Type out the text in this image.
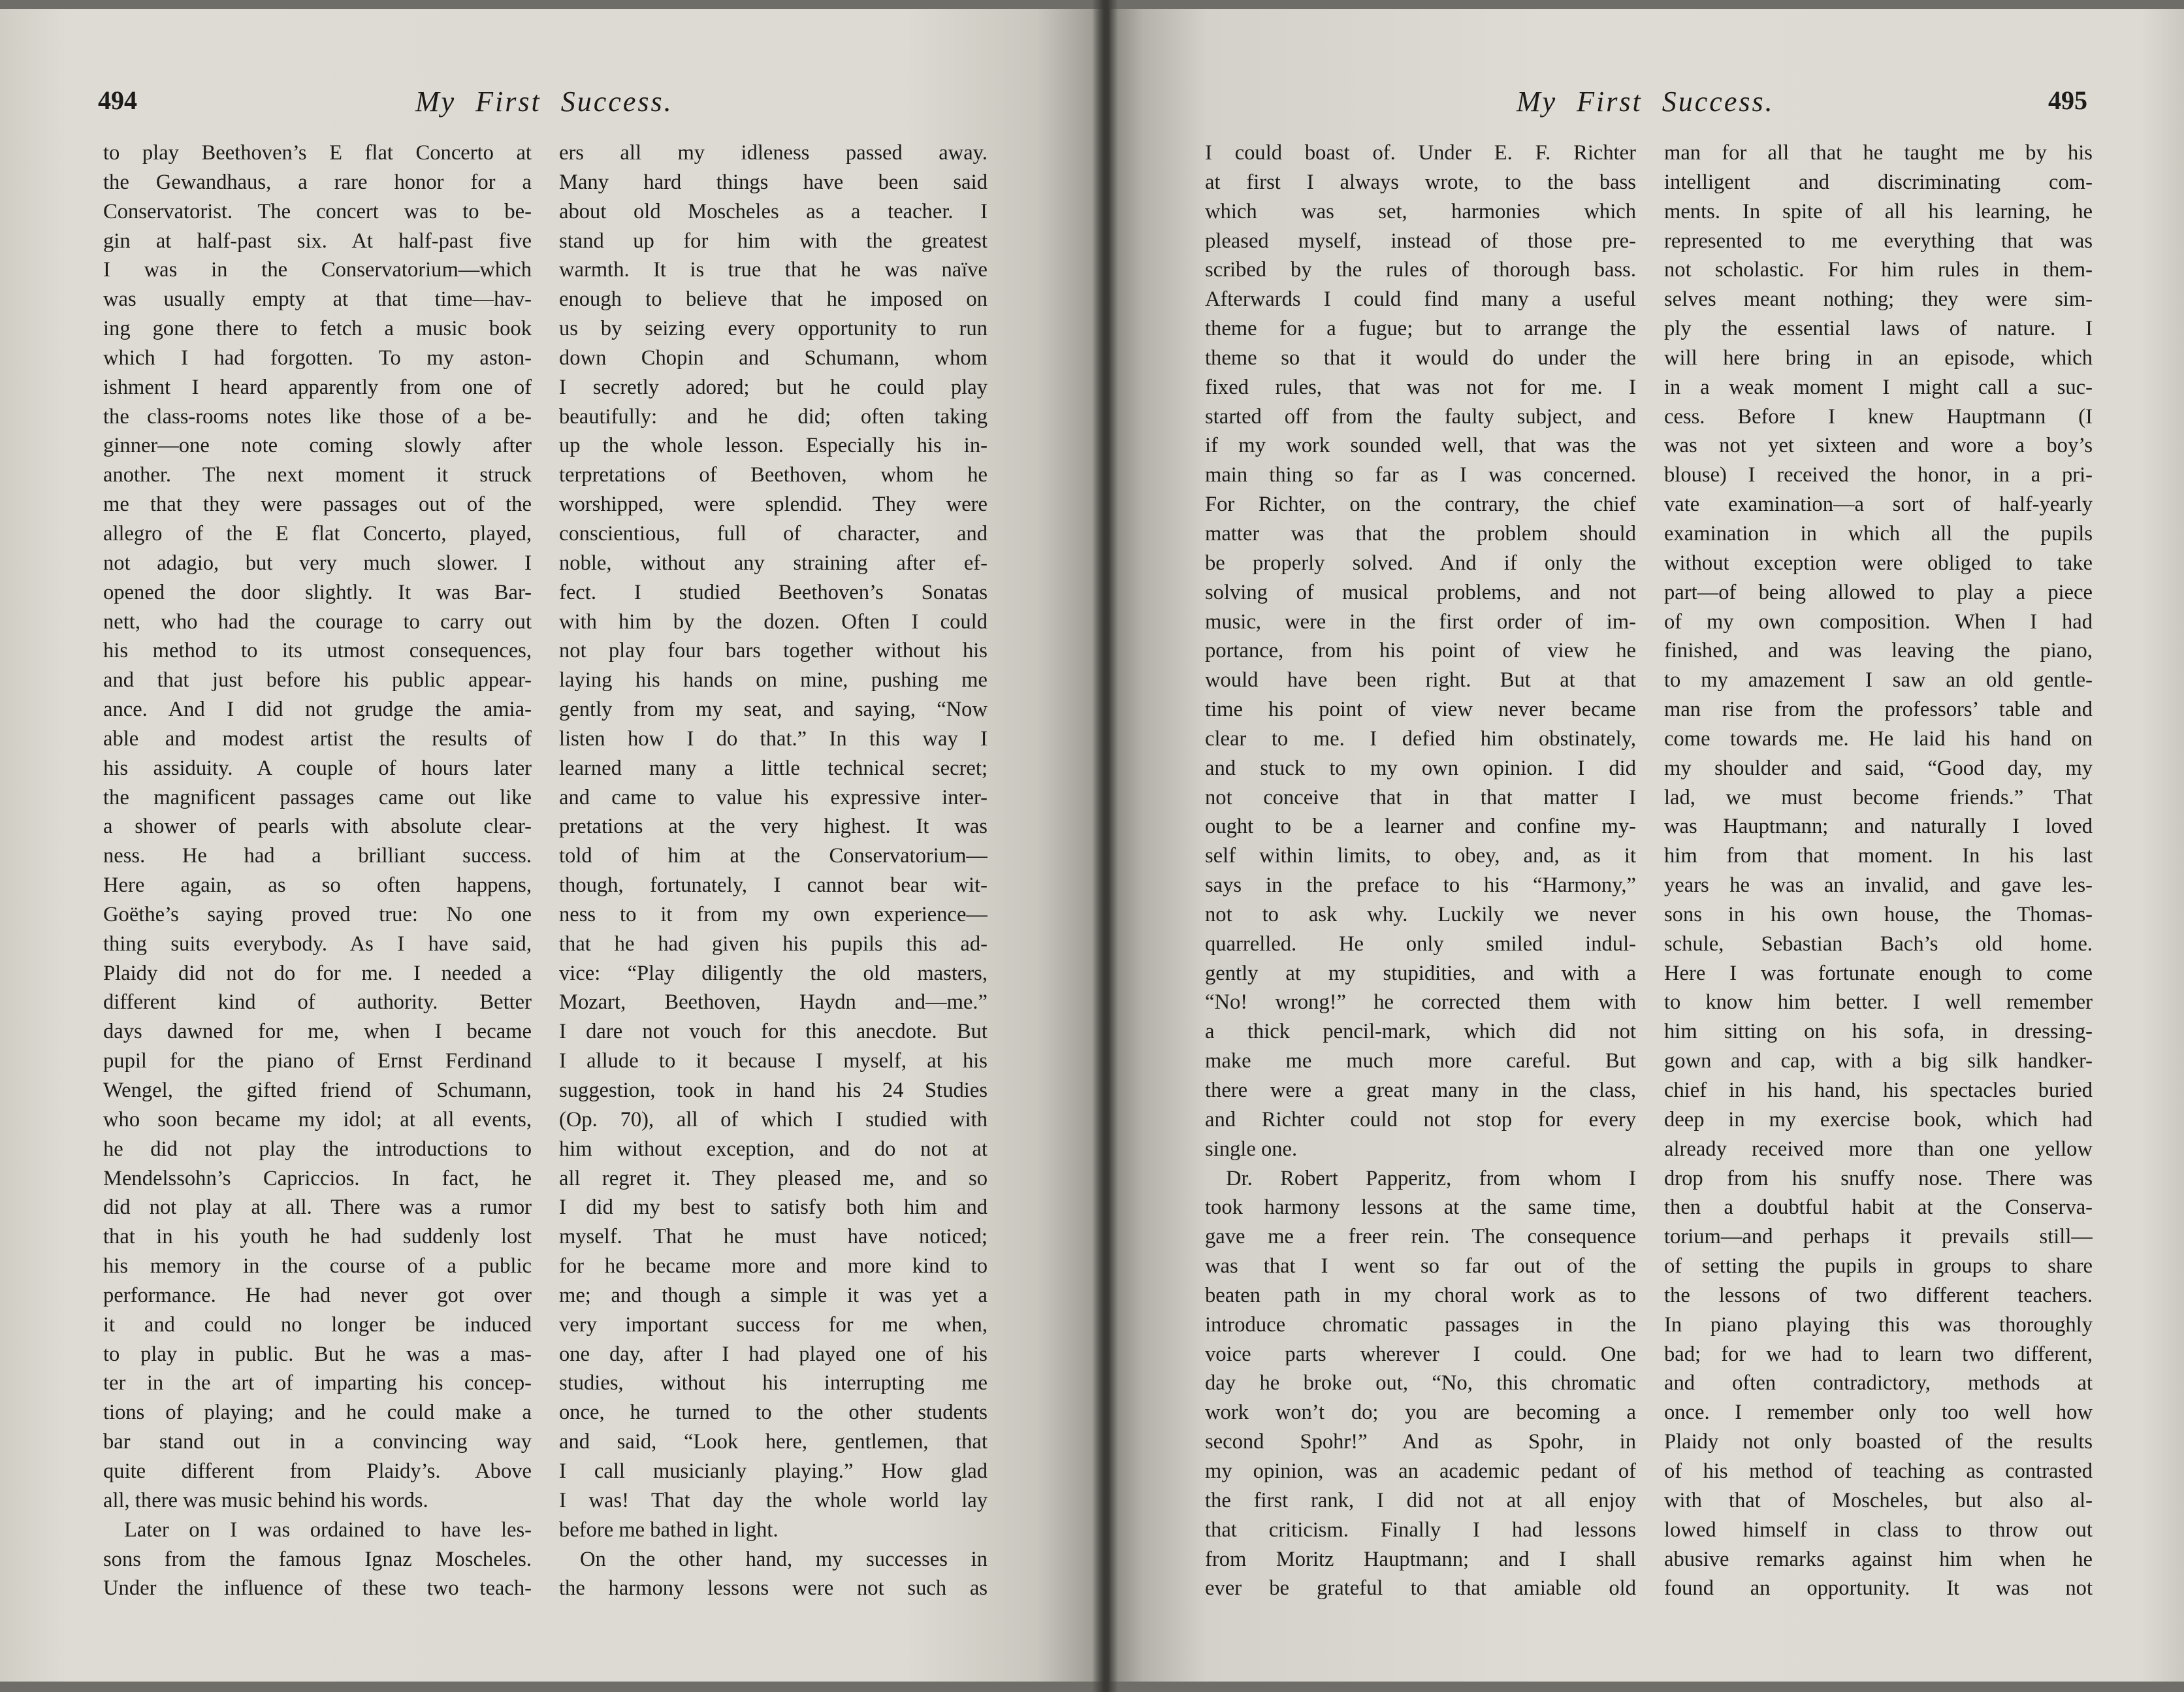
494	My First Success.	My First Success.	495
to play Beethoven’s E flat Concerto at
the Gewandhaus, a rare honor for a
Conservatorist. The concert was to be-
gin at half-past six. At half-past five
I was in the Conservatorium—which
was usually empty at that time—hav-
ing gone there to fetch a music book
which I had forgotten. To my aston-
ishment I heard apparently from one of
the class-rooms notes like those of a be-
ginner—one note coming slowly after
another. The next moment it struck
me that they were passages out of the
allegro of the E flat Concerto, played,
not adagio, but very much slower. I
opened the door slightly. It was Bar-
nett, who had the courage to carry out
his method to its utmost consequences,
and that just before his public appear-
ance. And I did not grudge the amia-
able and modest artist the results of
his assiduity. A couple of hours later
the magnificent passages came out like
a shower of pearls with absolute clear-
ness. He had a brilliant success.
Here again, as so often happens,
Goëthe’s saying proved true: No one
thing suits everybody. As I have said,
Plaidy did not do for me. I needed a
different kind of authority. Better
days dawned for me, when I became
pupil for the piano of Ernst Ferdinand
Wengel, the gifted friend of Schumann,
who soon became my idol; at all events,
he did not play the introductions to
Mendelssohn’s Capriccios. In fact, he
did not play at all. There was a rumor
that in his youth he had suddenly lost
his memory in the course of a public
performance. He had never got over
it and could no longer be induced
to play in public. But he was a mas-
ter in the art of imparting his concep-
tions of playing; and he could make a
bar stand out in a convincing way
quite different from Plaidy’s. Above
all, there was music behind his words.
Later on I was ordained to have les-
sons from the famous Ignaz Moscheles.
Under the influence of these two teach-
ers all my idleness passed away.
Many hard things have been said
about old Moscheles as a teacher. I
stand up for him with the greatest
warmth. It is true that he was naïve
enough to believe that he imposed on
us by seizing every opportunity to run
down Chopin and Schumann, whom
I secretly adored; but he could play
beautifully: and he did; often taking
up the whole lesson. Especially his in-
terpretations of Beethoven, whom he
worshipped, were splendid. They were
conscientious, full of character, and
noble, without any straining after ef-
fect. I studied Beethoven’s Sonatas
with him by the dozen. Often I could
not play four bars together without his
laying his hands on mine, pushing me
gently from my seat, and saying, “Now
listen how I do that.” In this way I
learned many a little technical secret;
and came to value his expressive inter-
pretations at the very highest. It was
told of him at the Conservatorium—
though, fortunately, I cannot bear wit-
ness to it from my own experience—
that he had given his pupils this ad-
vice: “Play diligently the old masters,
Mozart, Beethoven, Haydn and—me.”
I dare not vouch for this anecdote. But
I allude to it because I myself, at his
suggestion, took in hand his 24 Studies
(Op. 70), all of which I studied with
him without exception, and do not at
all regret it. They pleased me, and so
I did my best to satisfy both him and
myself. That he must have noticed;
for he became more and more kind to
me; and though a simple it was yet a
very important success for me when,
one day, after I had played one of his
studies, without his interrupting me
once, he turned to the other students
and said, “Look here, gentlemen, that
I call musicianly playing.” How glad
I was! That day the whole world lay
before me bathed in light.
On the other hand, my successes in
the harmony lessons were not such as
I could boast of. Under E. F. Richter
at first I always wrote, to the bass
which was set, harmonies which
pleased myself, instead of those pre-
scribed by the rules of thorough bass.
Afterwards I could find many a useful
theme for a fugue; but to arrange the
theme so that it would do under the
fixed rules, that was not for me. I
started off from the faulty subject, and
if my work sounded well, that was the
main thing so far as I was concerned.
For Richter, on the contrary, the chief
matter was that the problem should
be properly solved. And if only the
solving of musical problems, and not
music, were in the first order of im-
portance, from his point of view he
would have been right. But at that
time his point of view never became
clear to me. I defied him obstinately,
and stuck to my own opinion. I did
not conceive that in that matter I
ought to be a learner and confine my-
self within limits, to obey, and, as it
says in the preface to his “Harmony,”
not to ask why. Luckily we never
quarrelled. He only smiled indul-
gently at my stupidities, and with a
“No! wrong!” he corrected them with
a thick pencil-mark, which did not
make me much more careful. But
there were a great many in the class,
and Richter could not stop for every
single one.
Dr. Robert Papperitz, from whom I
took harmony lessons at the same time,
gave me a freer rein. The consequence
was that I went so far out of the
beaten path in my choral work as to
introduce chromatic passages in the
voice parts wherever I could. One
day he broke out, “No, this chromatic
work won’t do; you are becoming a
second Spohr!” And as Spohr, in
my opinion, was an academic pedant of
the first rank, I did not at all enjoy
that criticism. Finally I had lessons
from Moritz Hauptmann; and I shall
ever be grateful to that amiable old
man for all that he taught me by his
intelligent and discriminating com-
ments. In spite of all his learning, he
represented to me everything that was
not scholastic. For him rules in them-
selves meant nothing; they were sim-
ply the essential laws of nature. I
will here bring in an episode, which
in a weak moment I might call a suc-
cess. Before I knew Hauptmann (I
was not yet sixteen and wore a boy’s
blouse) I received the honor, in a pri-
vate examination—a sort of half-yearly
examination in which all the pupils
without exception were obliged to take
part—of being allowed to play a piece
of my own composition. When I had
finished, and was leaving the piano,
to my amazement I saw an old gentle-
man rise from the professors’ table and
come towards me. He laid his hand on
my shoulder and said, “Good day, my
lad, we must become friends.” That
was Hauptmann; and naturally I loved
him from that moment. In his last
years he was an invalid, and gave les-
sons in his own house, the Thomas-
schule, Sebastian Bach’s old home.
Here I was fortunate enough to come
to know him better. I well remember
him sitting on his sofa, in dressing-
gown and cap, with a big silk handker-
chief in his hand, his spectacles buried
deep in my exercise book, which had
already received more than one yellow
drop from his snuffy nose. There was
then a doubtful habit at the Conserva-
torium—and perhaps it prevails still—
of setting the pupils in groups to share
the lessons of two different teachers.
In piano playing this was thoroughly
bad; for we had to learn two different,
and often contradictory, methods at
once. I remember only too well how
Plaidy not only boasted of the results
of his method of teaching as contrasted
with that of Moscheles, but also al-
lowed himself in class to throw out
abusive remarks against him when he
found an opportunity. It was not
